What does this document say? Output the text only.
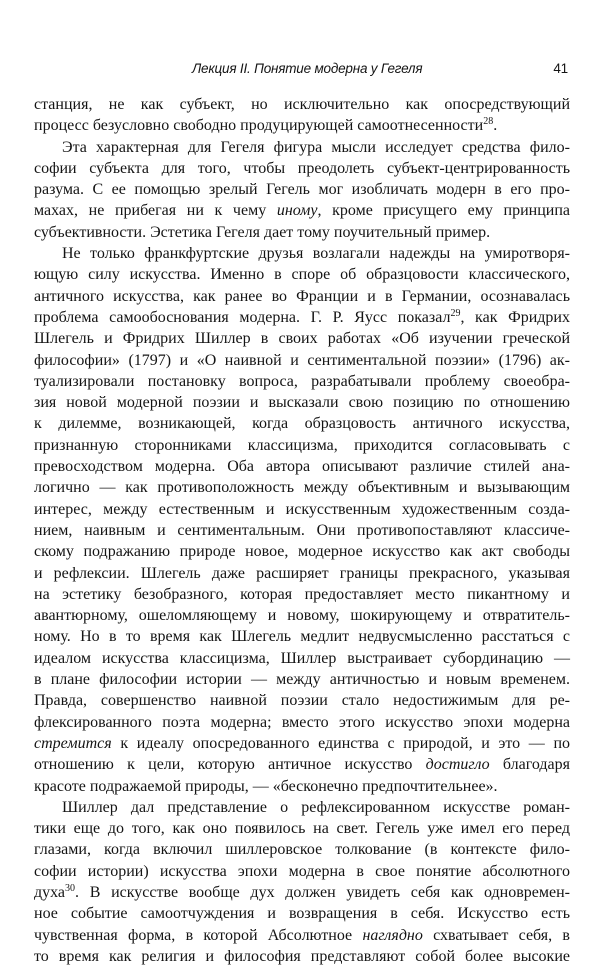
Лекция II. Понятие модерна у Гегеля	41
станция, не как субъект, но исключительно как опосредствующий
процесс безусловно свободно продуцирующей самоотнесенности$^{28}$.
Эта характерная для Гегеля фигура мысли исследует средства фило-
софии субъекта для того, чтобы преодолеть субъект-центрированность
разума. С ее помощью зрелый Гегель мог изобличать модерн в его про-
махах, не прибегая ни к чему иному, кроме присущего ему принципа
субъективности. Эстетика Гегеля дает тому поучительный пример.
Не только франкфуртские друзья возлагали надежды на умиротворя-
ющую силу искусства. Именно в споре об образцовости классического,
античного искусства, как ранее во Франции и в Германии, осознавалась
проблема самообоснования модерна. Г. Р. Яусс показал$^{29}$, как Фридрих
Шлегель и Фридрих Шиллер в своих работах «Об изучении греческой
философии» (1797) и «О наивной и сентиментальной поэзии» (1796) ак-
туализировали постановку вопроса, разрабатывали проблему своеобра-
зия новой модерной поэзии и высказали свою позицию по отношению
к дилемме, возникающей, когда образцовость античного искусства,
признанную сторонниками классицизма, приходится согласовывать с
превосходством модерна. Оба автора описывают различие стилей ана-
логично — как противоположность между объективным и вызывающим
интерес, между естественным и искусственным художественным созда-
нием, наивным и сентиментальным. Они противопоставляют классиче-
скому подражанию природе новое, модерное искусство как акт свободы
и рефлексии. Шлегель даже расширяет границы прекрасного, указывая
на эстетику безобразного, которая предоставляет место пикантному и
авантюрному, ошеломляющему и новому, шокирующему и отвратитель-
ному. Но в то время как Шлегель медлит недвусмысленно расстаться с
идеалом искусства классицизма, Шиллер выстраивает субординацию —
в плане философии истории — между античностью и новым временем.
Правда, совершенство наивной поэзии стало недостижимым для ре-
флексированного поэта модерна; вместо этого искусство эпохи модерна
стремится к идеалу опосредованного единства с природой, и это — по
отношению к цели, которую античное искусство достигло благодаря
красоте подражаемой природы, — «бесконечно предпочтительнее».
Шиллер дал представление о рефлексированном искусстве роман-
тики еще до того, как оно появилось на свет. Гегель уже имел его перед
глазами, когда включил шиллеровское толкование (в контексте фило-
софии истории) искусства эпохи модерна в свое понятие абсолютного
духа$^{30}$. В искусстве вообще дух должен увидеть себя как одновремен-
ное событие самоотчуждения и возвращения в себя. Искусство есть
чувственная форма, в которой Абсолютное наглядно схватывает себя, в
то время как религия и философия представляют собой более высокие
